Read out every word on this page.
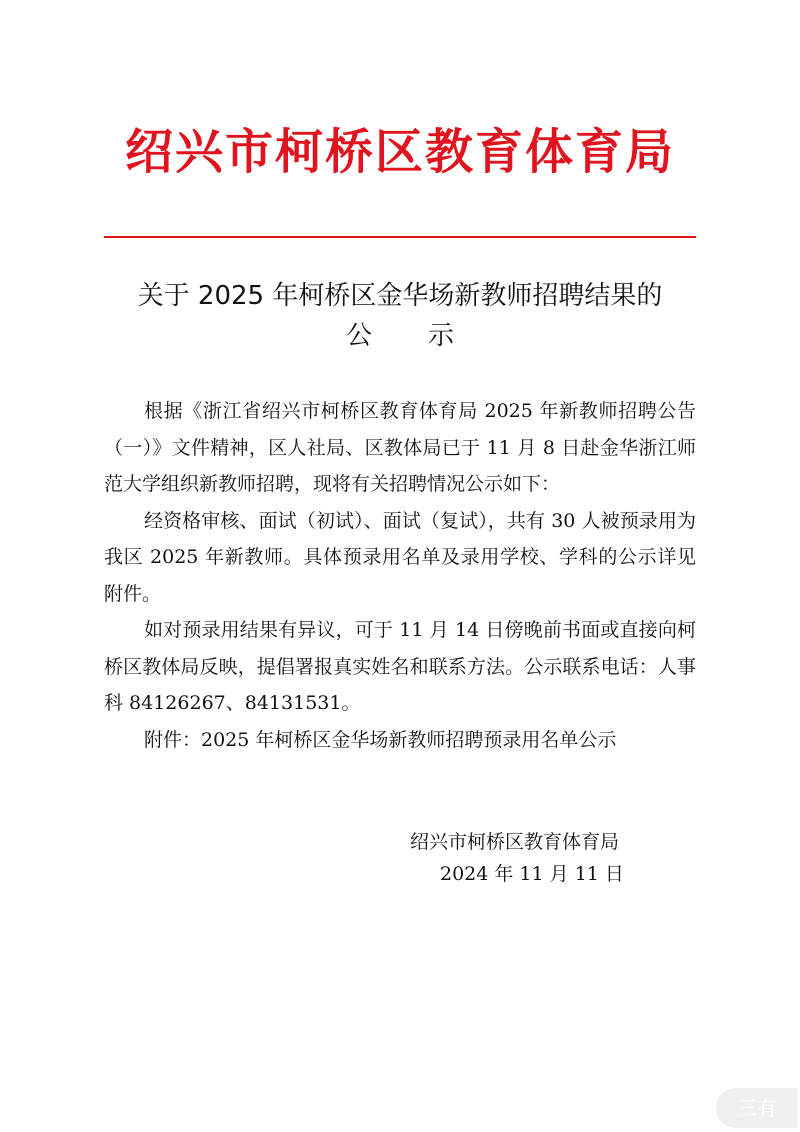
绍兴市柯桥区教育体育局
关于 2025 年柯桥区金华场新教师招聘结果的
公示

根据《浙江省绍兴市柯桥区教育体育局 2025 年新教师招聘公告（一）》文件精神，区人社局、区教体局已于 11 月 8 日赴金华浙江师范大学组织新教师招聘，现将有关招聘情况公示如下：

经资格审核、面试（初试）、面试（复试），共有 30 人被预录用为我区 2025 年新教师。具体预录用名单及录用学校、学科的公示详见附件。

如对预录用结果有异议，可于 11 月 14 日傍晚前书面或直接向柯桥区教体局反映，提倡署报真实姓名和联系方法。公示联系电话：人事科 84126267、84131531。

附件：2025 年柯桥区金华场新教师招聘预录用名单公示

绍兴市柯桥区教育体育局
2024 年 11 月 11 日
三有
